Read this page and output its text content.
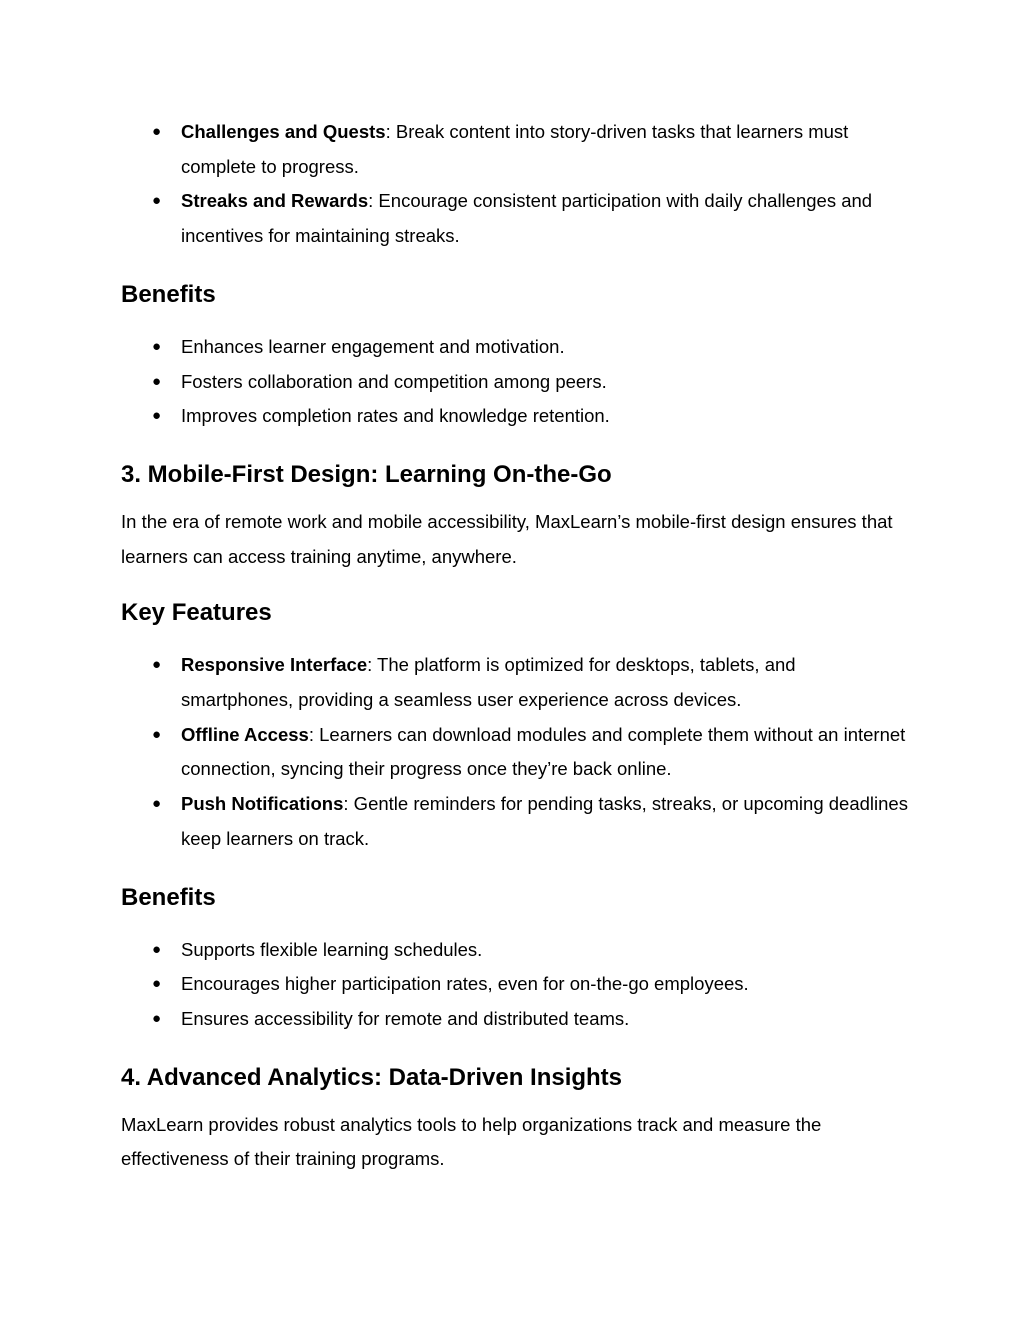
● Challenges and Quests: Break content into story-driven tasks that learners must complete to progress.
● Streaks and Rewards: Encourage consistent participation with daily challenges and incentives for maintaining streaks.
Benefits
● Enhances learner engagement and motivation.
● Fosters collaboration and competition among peers.
● Improves completion rates and knowledge retention.
3. Mobile-First Design: Learning On-the-Go

In the era of remote work and mobile accessibility, MaxLearn’s mobile-first design ensures that learners can access training anytime, anywhere.

Key Features
● Responsive Interface: The platform is optimized for desktops, tablets, and smartphones, providing a seamless user experience across devices.
● Offline Access: Learners can download modules and complete them without an internet connection, syncing their progress once they’re back online.
● Push Notifications: Gentle reminders for pending tasks, streaks, or upcoming deadlines keep learners on track.
Benefits
● Supports flexible learning schedules.
● Encourages higher participation rates, even for on-the-go employees.
● Ensures accessibility for remote and distributed teams.
4. Advanced Analytics: Data-Driven Insights

MaxLearn provides robust analytics tools to help organizations track and measure the effectiveness of their training programs.
